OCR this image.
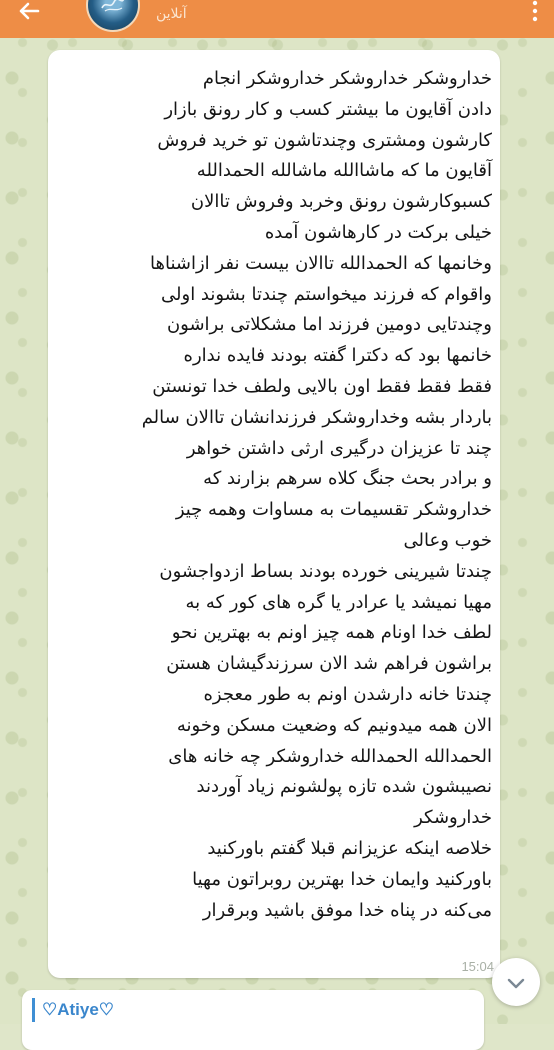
آنلاین

خداروشکر خداروشکر خداروشکر انجام
دادن آقایون ما بیشتر کسب و کار رونق بازار
کارشون ومشتری وچندتاشون تو خرید فروش
آقایون ما که ماشاالله ماشالله الحمدالله
کسبوکارشون رونق وخربد وفروش تاالان
خیلی برکت در کارهاشون آمده
وخانمها که الحمدالله تاالان بیست نفر ازاشناها
واقوام که فرزند میخواستم چندتا بشوند اولی
وچندتایی دومین فرزند اما مشکلاتی براشون
خانمها بود که دکترا گفته بودند فایده نداره
فقط فقط فقط اون بالایی ولطف خدا تونستن
باردار بشه وخداروشکر فرزندانشان تاالان سالم
چند تا عزیزان درگیری ارثی داشتن خواهر
و برادر بحث جنگ کلاه سرهم بزارند که
خداروشکر تقسیمات به مساوات وهمه چیز
خوب وعالی
چندتا شیرینی خورده بودند بساط ازدواجشون
مهیا نمیشد یا عرادر یا گره های کور که به
لطف خدا اونام همه چیز اونم به بهترین نحو
براشون فراهم شد الان سرزندگیشان هستن
چندتا خانه دارشدن اونم به طور معجزه
الان همه میدونیم که وضعیت مسکن وخونه
الحمدالله الحمدالله خداروشکر چه خانه های
نصیبشون شده تازه پولشونم زیاد آوردند
خداروشکر
خلاصه اینکه عزیزانم قبلا گفتم باورکنید
باورکنید وایمان خدا بهترین روبراتون مهیا
می‌کنه در پناه خدا موفق باشید وبرقرار

15:04
♡Atiye♡
